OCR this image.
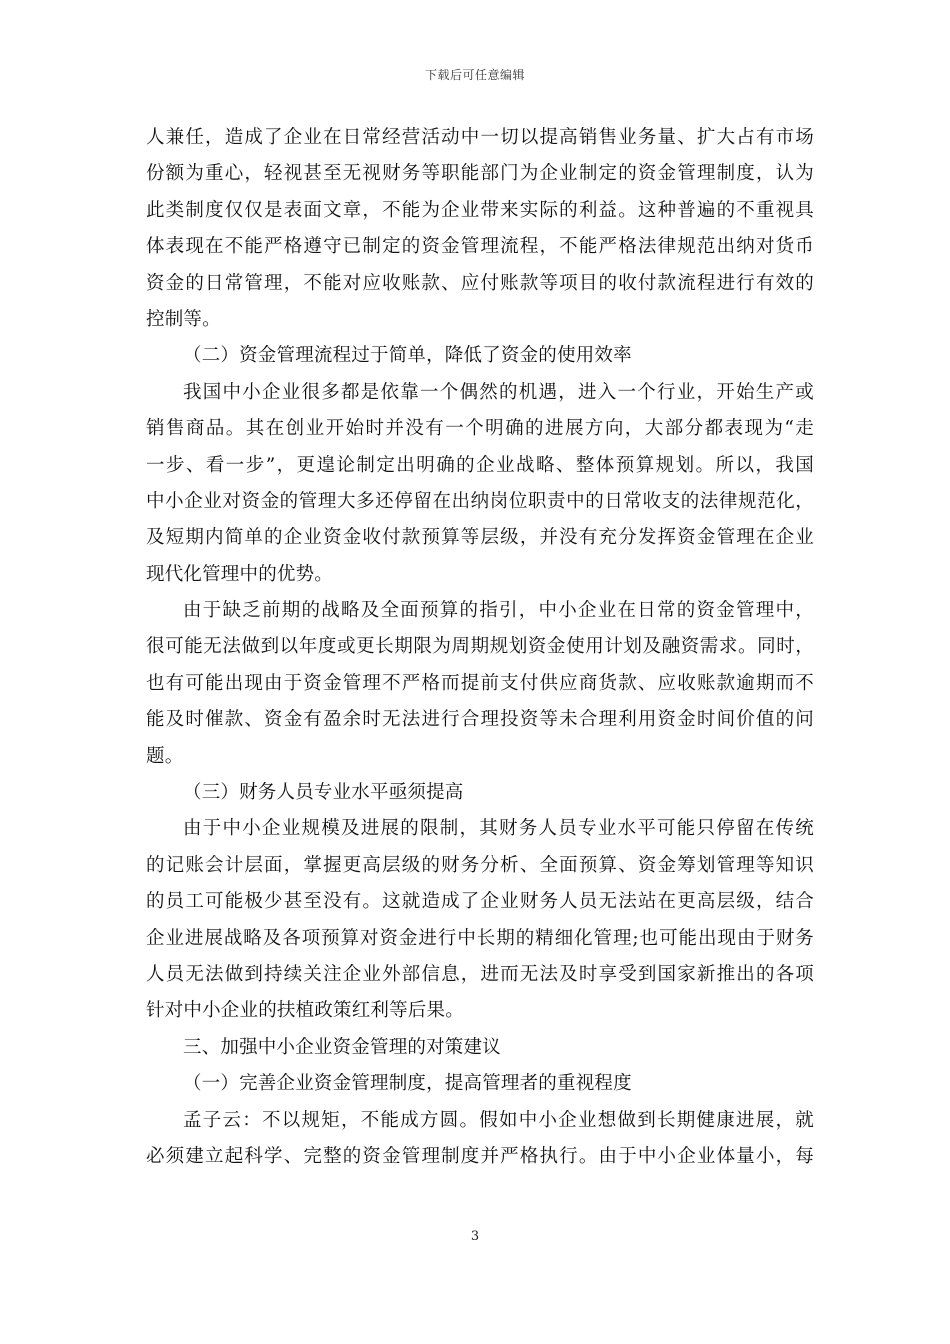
下载后可任意编辑
人兼任，造成了企业在日常经营活动中一切以提高销售业务量、扩大占有市场
份额为重心，轻视甚至无视财务等职能部门为企业制定的资金管理制度，认为
此类制度仅仅是表面文章，不能为企业带来实际的利益。这种普遍的不重视具
体表现在不能严格遵守已制定的资金管理流程，不能严格法律规范出纳对货币
资金的日常管理，不能对应收账款、应付账款等项目的收付款流程进行有效的
控制等。
（二）资金管理流程过于简单，降低了资金的使用效率
我国中小企业很多都是依靠一个偶然的机遇，进入一个行业，开始生产或
销售商品。其在创业开始时并没有一个明确的进展方向，大部分都表现为“走
一步、看一步”，更遑论制定出明确的企业战略、整体预算规划。所以，我国
中小企业对资金的管理大多还停留在出纳岗位职责中的日常收支的法律规范化，
及短期内简单的企业资金收付款预算等层级，并没有充分发挥资金管理在企业
现代化管理中的优势。
由于缺乏前期的战略及全面预算的指引，中小企业在日常的资金管理中，
很可能无法做到以年度或更长期限为周期规划资金使用计划及融资需求。同时，
也有可能出现由于资金管理不严格而提前支付供应商货款、应收账款逾期而不
能及时催款、资金有盈余时无法进行合理投资等未合理利用资金时间价值的问
题。
（三）财务人员专业水平亟须提高
由于中小企业规模及进展的限制，其财务人员专业水平可能只停留在传统
的记账会计层面，掌握更高层级的财务分析、全面预算、资金筹划管理等知识
的员工可能极少甚至没有。这就造成了企业财务人员无法站在更高层级，结合
企业进展战略及各项预算对资金进行中长期的精细化管理;也可能出现由于财务
人员无法做到持续关注企业外部信息，进而无法及时享受到国家新推出的各项
针对中小企业的扶植政策红利等后果。
三、加强中小企业资金管理的对策建议
（一）完善企业资金管理制度，提高管理者的重视程度
孟子云：不以规矩，不能成方圆。假如中小企业想做到长期健康进展，就
必须建立起科学、完整的资金管理制度并严格执行。由于中小企业体量小，每
3
